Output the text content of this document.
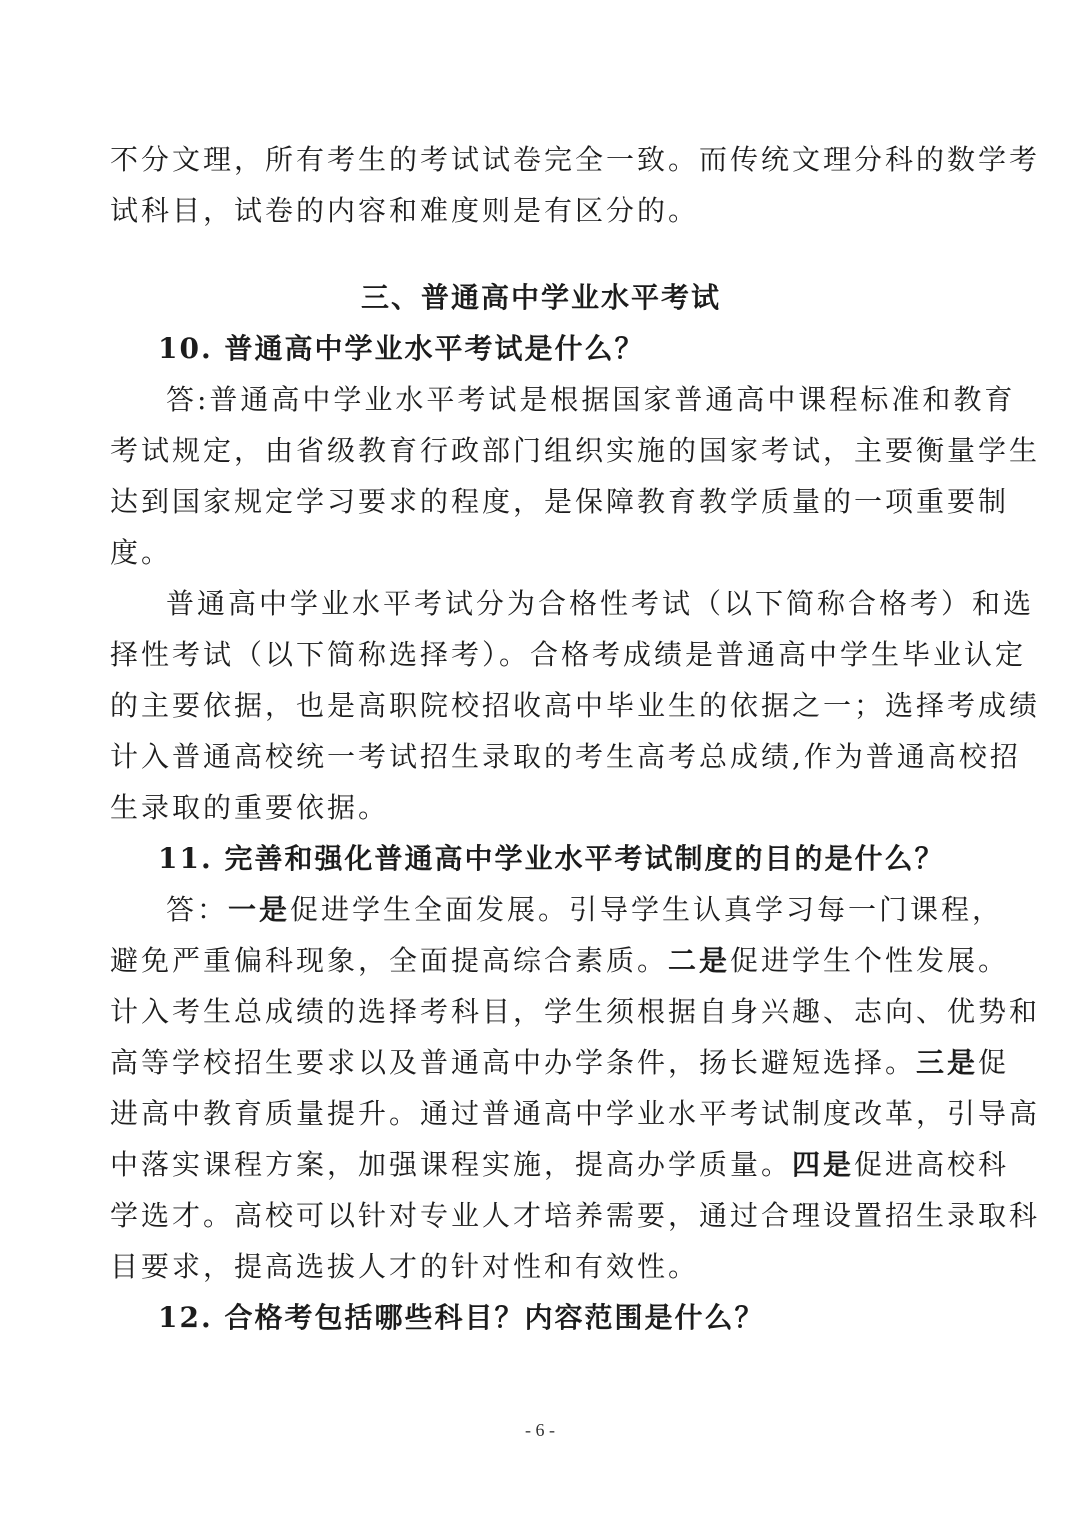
不分文理，所有考生的考试试卷完全一致。而传统文理分科的数学考
试科目，试卷的内容和难度则是有区分的。
三、普通高中学业水平考试
10. 普通高中学业水平考试是什么？
答:普通高中学业水平考试是根据国家普通高中课程标准和教育
考试规定，由省级教育行政部门组织实施的国家考试，主要衡量学生
达到国家规定学习要求的程度，是保障教育教学质量的一项重要制
度。
普通高中学业水平考试分为合格性考试（以下简称合格考）和选
择性考试（以下简称选择考）。合格考成绩是普通高中学生毕业认定
的主要依据，也是高职院校招收高中毕业生的依据之一；选择考成绩
计入普通高校统一考试招生录取的考生高考总成绩,作为普通高校招
生录取的重要依据。
11. 完善和强化普通高中学业水平考试制度的目的是什么？
答：一是促进学生全面发展。引导学生认真学习每一门课程，
避免严重偏科现象，全面提高综合素质。二是促进学生个性发展。
计入考生总成绩的选择考科目，学生须根据自身兴趣、志向、优势和
高等学校招生要求以及普通高中办学条件，扬长避短选择。三是促
进高中教育质量提升。通过普通高中学业水平考试制度改革，引导高
中落实课程方案，加强课程实施，提高办学质量。四是促进高校科
学选才。高校可以针对专业人才培养需要，通过合理设置招生录取科
目要求，提高选拔人才的针对性和有效性。
12. 合格考包括哪些科目？内容范围是什么？
- 6 -
